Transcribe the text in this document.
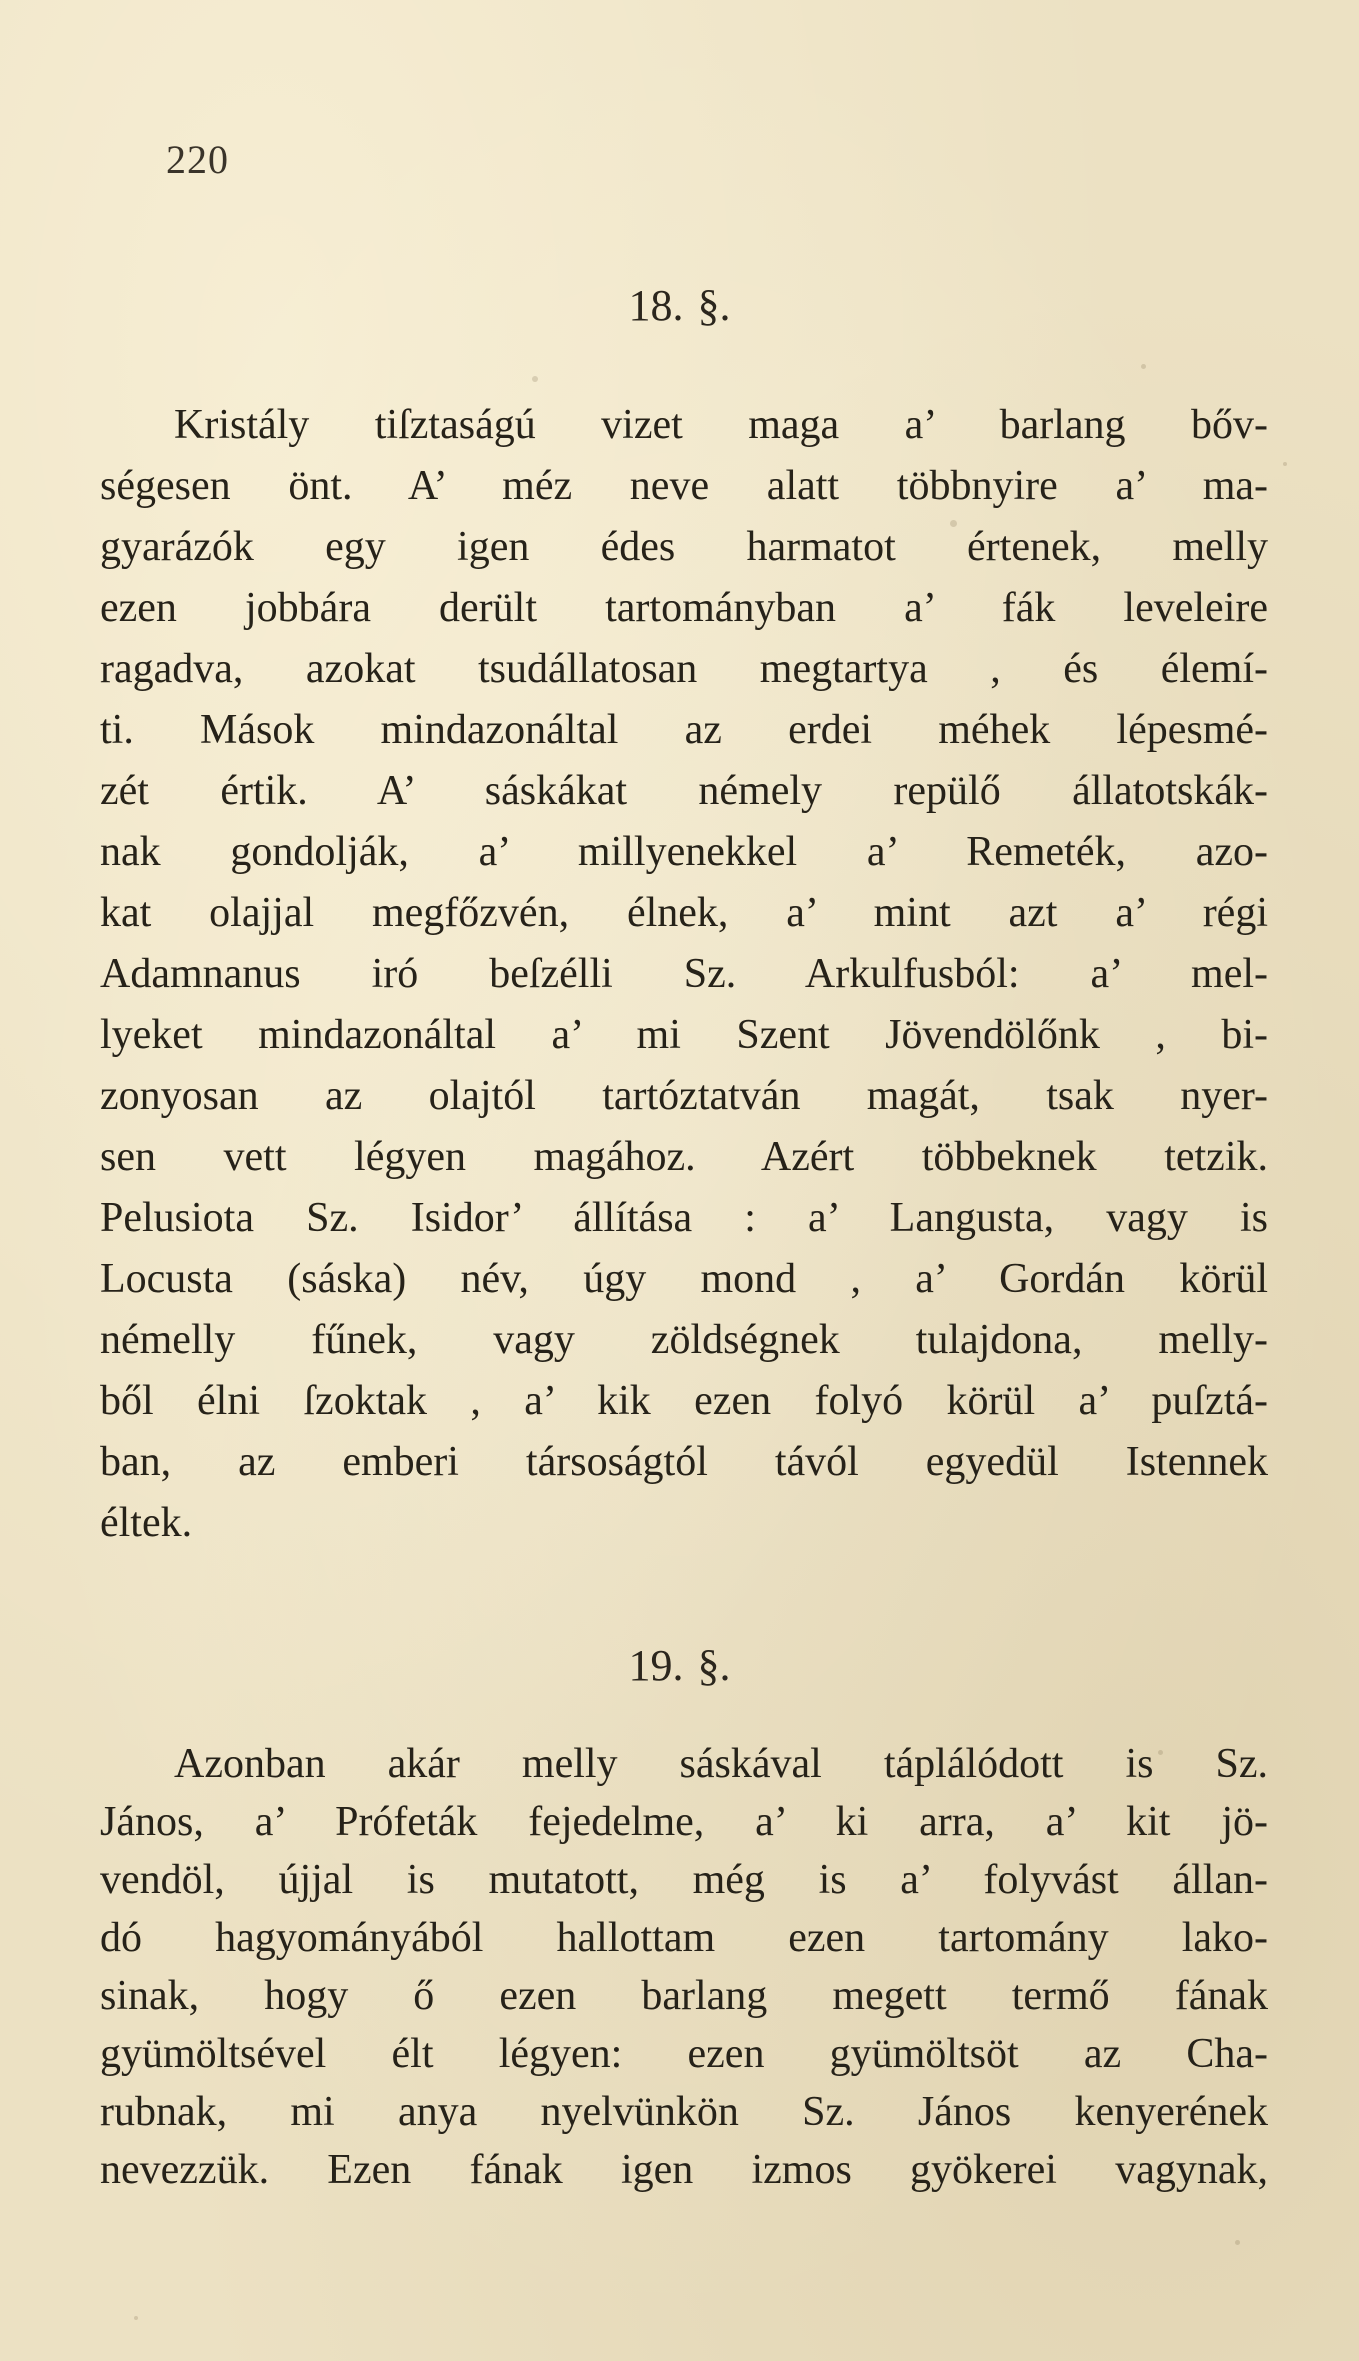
220
18. §.
Kristály tiſztaságú vizet maga a’ barlang bőv-
ségesen önt. A’ méz neve alatt többnyire a’ ma-
gyarázók egy igen édes harmatot értenek, melly
ezen jobbára derült tartományban a’ fák leveleire
ragadva, azokat tsudállatosan megtartya , és élemí-
ti. Mások mindazonáltal az erdei méhek lépesmé-
zét értik. A’ sáskákat némely repülő állatotskák-
nak gondolják, a’ millyenekkel a’ Remeték, azo-
kat olajjal megfőzvén, élnek, a’ mint azt a’ régi
Adamnanus iró beſzélli Sz. Arkulfusból: a’ mel-
lyeket mindazonáltal a’ mi Szent Jövendölőnk , bi-
zonyosan az olajtól tartóztatván magát, tsak nyer-
sen vett légyen magához. Azért többeknek tetzik.
Pelusiota Sz. Isidor’ állítása : a’ Langusta, vagy is
Locusta (sáska) név, úgy mond , a’ Gordán körül
némelly fűnek, vagy zöldségnek tulajdona, melly-
ből élni ſzoktak , a’ kik ezen folyó körül a’ puſztá-
ban, az emberi társoságtól távól egyedül Istennek
éltek.
19. §.
Azonban akár melly sáskával táplálódott is Sz.
János, a’ Prófeták fejedelme, a’ ki arra, a’ kit jö-
vendöl, újjal is mutatott, még is a’ folyvást állan-
dó hagyományából hallottam ezen tartomány lako-
sinak, hogy ő ezen barlang megett termő fának
gyümöltsével élt légyen: ezen gyümöltsöt az Cha-
rubnak, mi anya nyelvünkön Sz. János kenyerének
nevezzük. Ezen fának igen izmos gyökerei vagynak,
